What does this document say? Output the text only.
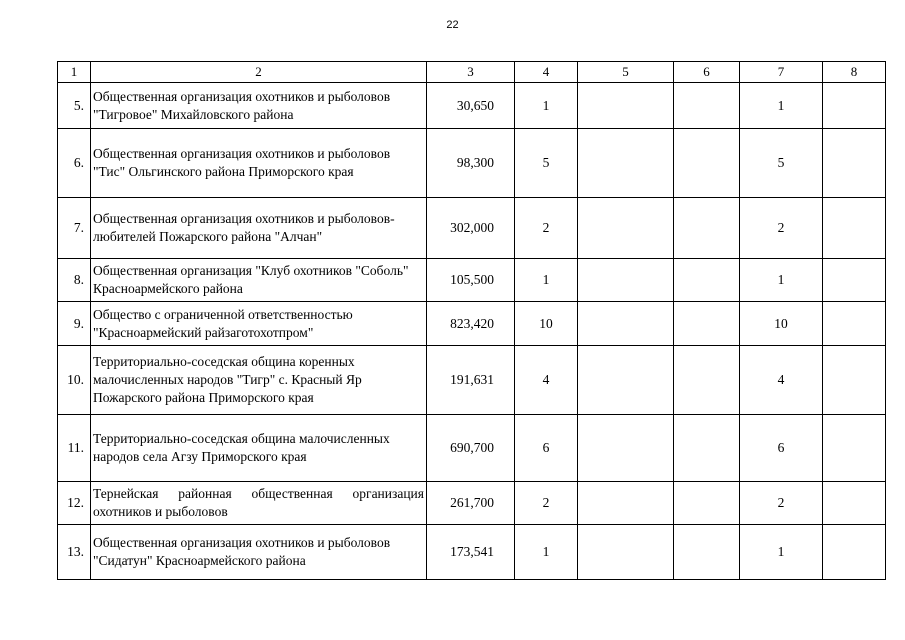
22
1	2	3	4	5	6	7	8
5.	Общественная организация охотников и рыболовов "Тигровое" Михайловского района	30,650	1			1	
6.	Общественная организация охотников и рыболовов "Тис" Ольгинского района Приморского края	98,300	5			5	
7.	Общественная организация охотников и рыболовов-любителей Пожарского района "Алчан"	302,000	2			2	
8.	Общественная организация "Клуб охотников "Соболь" Красноармейского района	105,500	1			1	
9.	Общество с ограниченной ответственностью "Красноармейский райзаготохотпром"	823,420	10			10	
10.	Территориально-соседская община коренных малочисленных народов "Тигр" с. Красный Яр Пожарского района Приморского края	191,631	4			4	
11.	Территориально-соседская община малочисленных народов села Агзу Приморского края	690,700	6			6	
12.	Тернейская районная общественная организация охотников и рыболовов	261,700	2			2	
13.	Общественная организация охотников и рыболовов "Сидатун" Красноармейского района	173,541	1			1	
